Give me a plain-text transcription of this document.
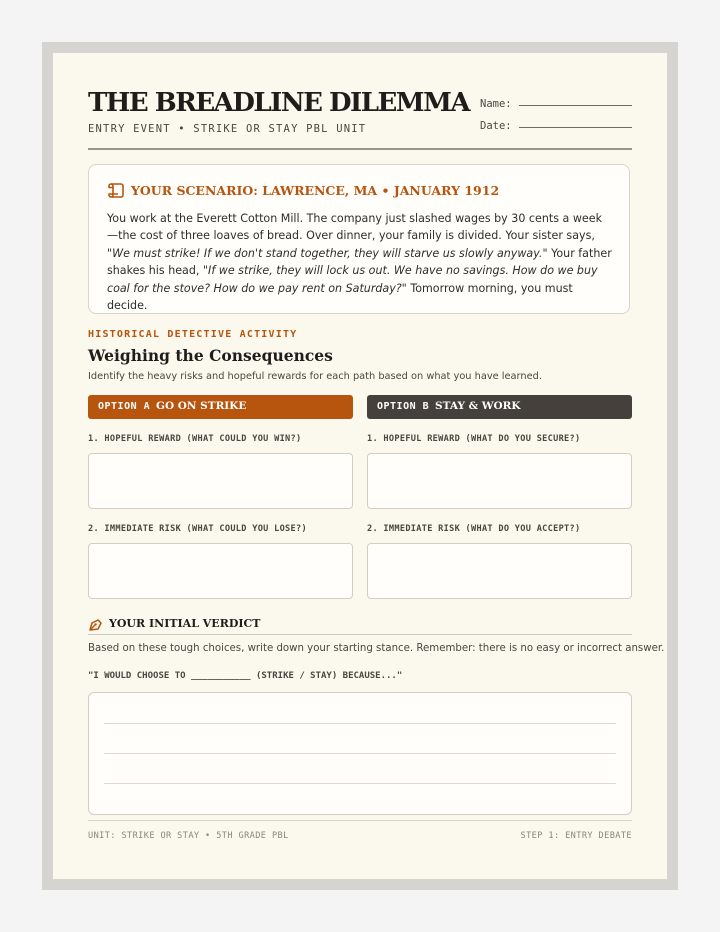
THE BREADLINE DILEMMA
ENTRY EVENT • STRIKE OR STAY PBL UNIT
Name:
Date:
YOUR SCENARIO: LAWRENCE, MA • JANUARY 1912
You work at the Everett Cotton Mill. The company just slashed wages by 30 cents a week—the cost of three loaves of bread. Over dinner, your family is divided. Your sister says, "We must strike! If we don't stand together, they will starve us slowly anyway." Your father shakes his head, "If we strike, they will lock us out. We have no savings. How do we buy coal for the stove? How do we pay rent on Saturday?" Tomorrow morning, you must decide.
HISTORICAL DETECTIVE ACTIVITY
Weighing the Consequences
Identify the heavy risks and hopeful rewards for each path based on what you have learned.
OPTION A GO ON STRIKE
1. HOPEFUL REWARD (WHAT COULD YOU WIN?)
2. IMMEDIATE RISK (WHAT COULD YOU LOSE?)
OPTION B STAY & WORK
1. HOPEFUL REWARD (WHAT DO YOU SECURE?)
2. IMMEDIATE RISK (WHAT DO YOU ACCEPT?)
YOUR INITIAL VERDICT
Based on these tough choices, write down your starting stance. Remember: there is no easy or incorrect answer.
"I WOULD CHOOSE TO ___________ (STRIKE / STAY) BECAUSE..."
UNIT: STRIKE OR STAY • 5TH GRADE PBL	STEP 1: ENTRY DEBATE
